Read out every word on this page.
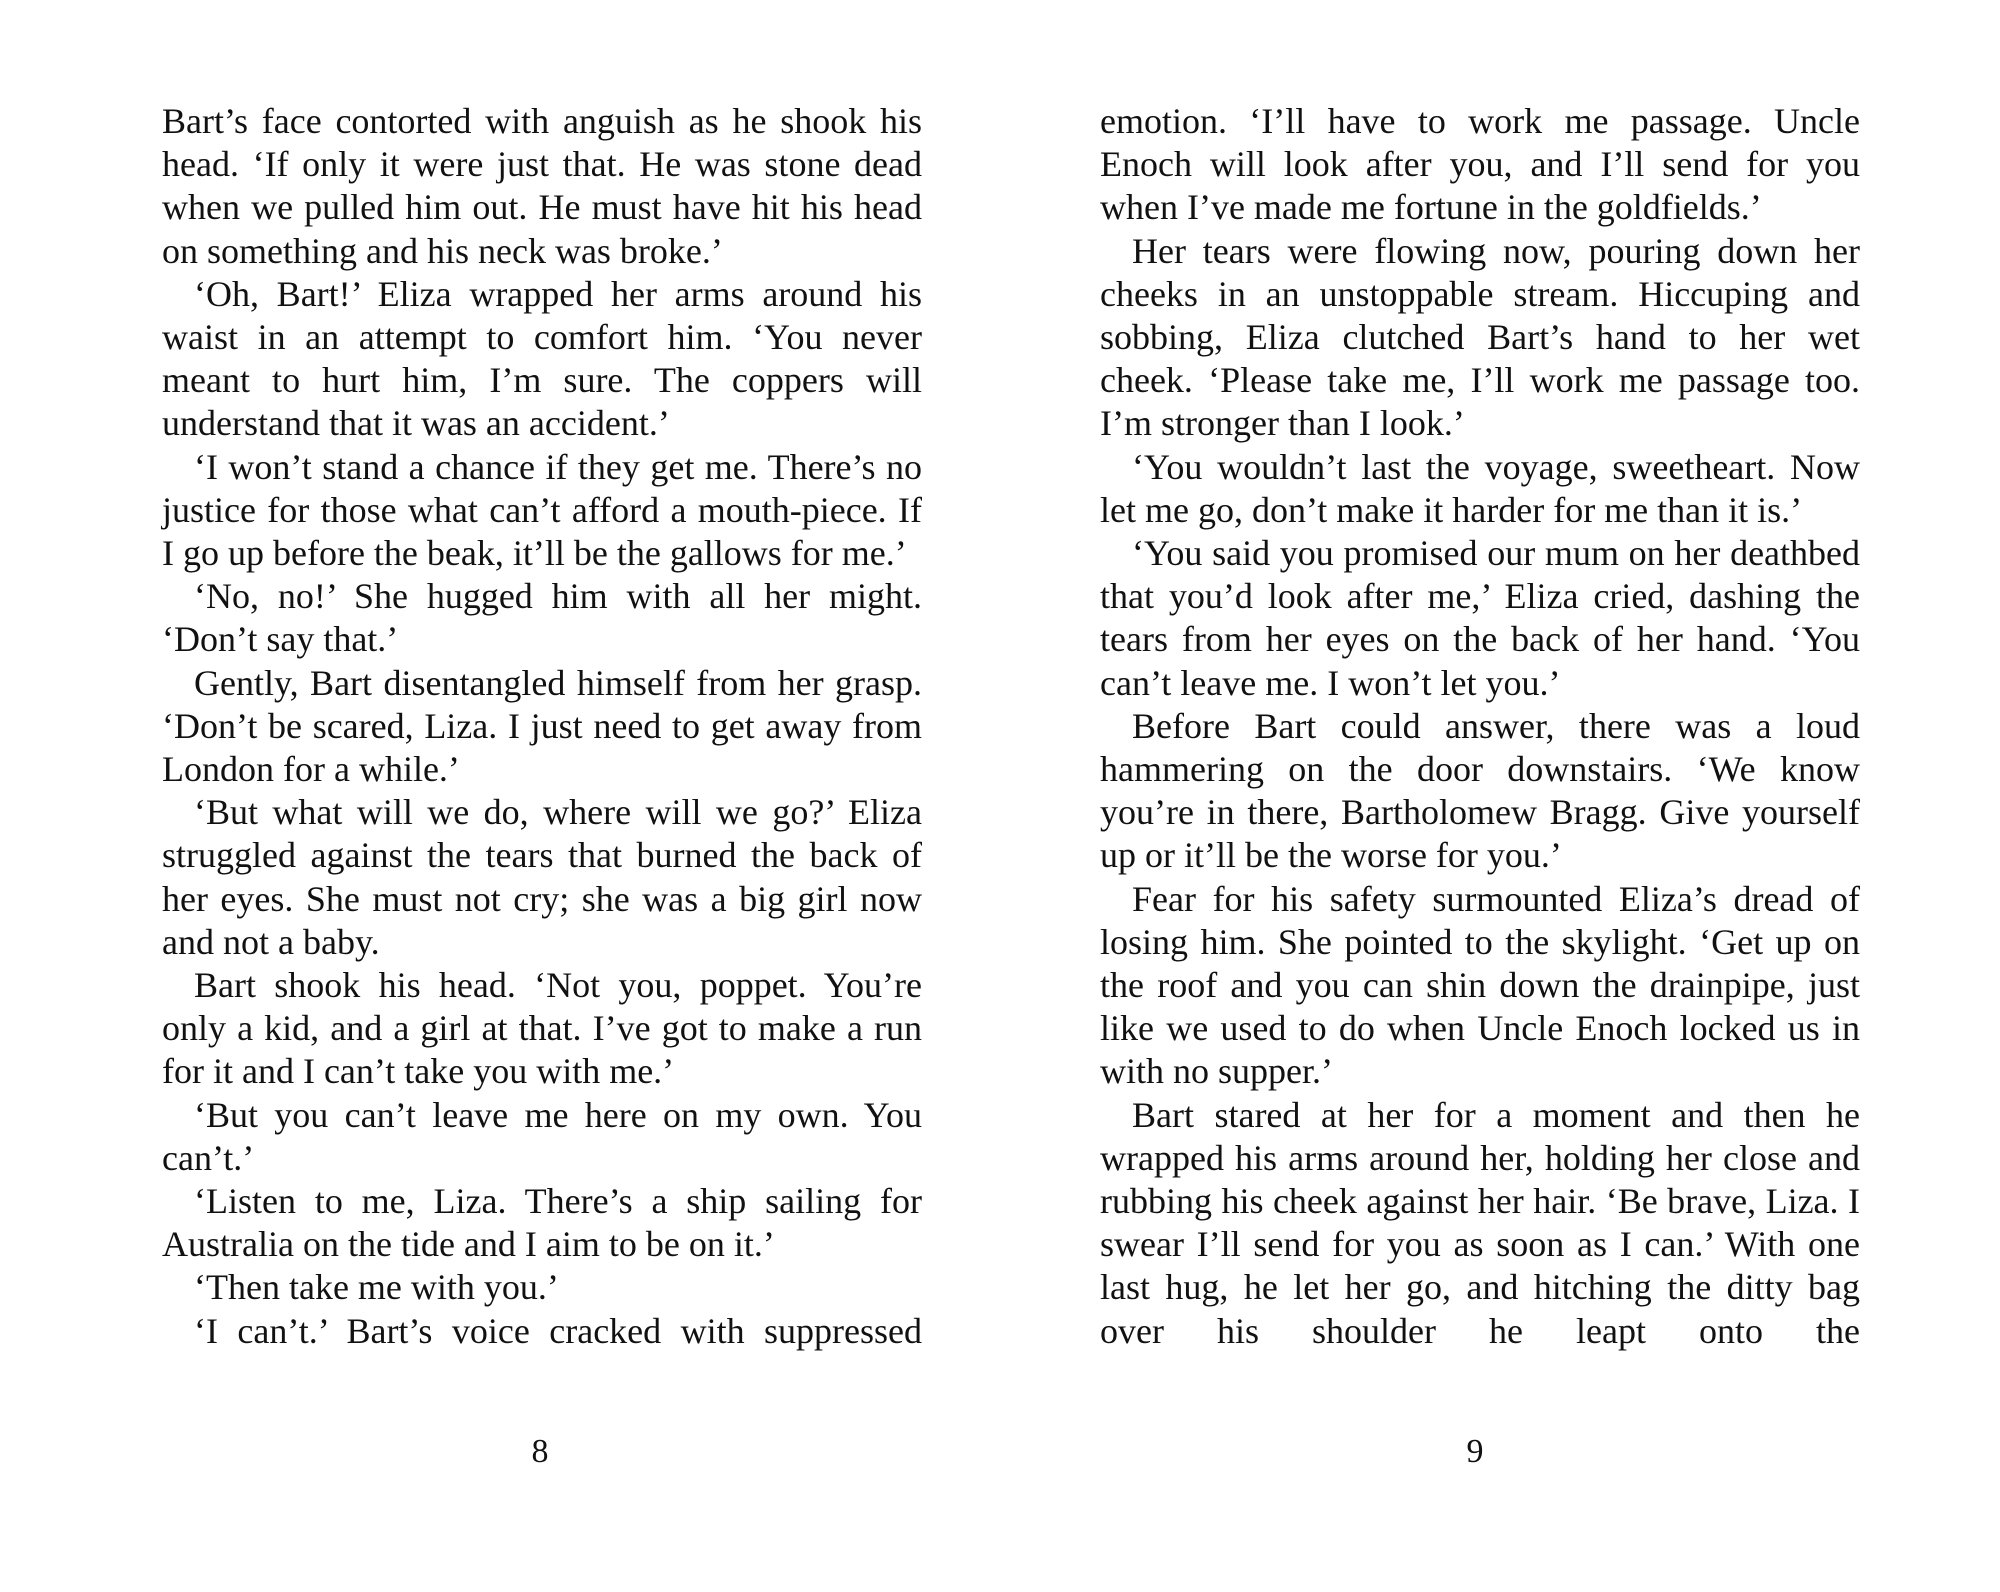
Bart’s face contorted with anguish as he shook his head. ‘If only it were just that. He was stone dead when we pulled him out. He must have hit his head on something and his neck was broke.’

‘Oh, Bart!’ Eliza wrapped her arms around his waist in an attempt to comfort him. ‘You never meant to hurt him, I’m sure. The coppers will understand that it was an accident.’

‘I won’t stand a chance if they get me. There’s no justice for those what can’t afford a mouth-piece. If I go up before the beak, it’ll be the gallows for me.’

‘No, no!’ She hugged him with all her might. ‘Don’t say that.’

Gently, Bart disentangled himself from her grasp. ‘Don’t be scared, Liza. I just need to get away from London for a while.’

‘But what will we do, where will we go?’ Eliza struggled against the tears that burned the back of her eyes. She must not cry; she was a big girl now and not a baby.

Bart shook his head. ‘Not you, poppet. You’re only a kid, and a girl at that. I’ve got to make a run for it and I can’t take you with me.’

‘But you can’t leave me here on my own. You can’t.’

‘Listen to me, Liza. There’s a ship sailing for Australia on the tide and I aim to be on it.’

‘Then take me with you.’

‘I can’t.’ Bart’s voice cracked with suppressed

emotion. ‘I’ll have to work me passage. Uncle Enoch will look after you, and I’ll send for you when I’ve made me fortune in the goldfields.’

Her tears were flowing now, pouring down her cheeks in an unstoppable stream. Hiccuping and sobbing, Eliza clutched Bart’s hand to her wet cheek. ‘Please take me, I’ll work me passage too. I’m stronger than I look.’

‘You wouldn’t last the voyage, sweetheart. Now let me go, don’t make it harder for me than it is.’

‘You said you promised our mum on her deathbed that you’d look after me,’ Eliza cried, dashing the tears from her eyes on the back of her hand. ‘You can’t leave me. I won’t let you.’

Before Bart could answer, there was a loud hammering on the door downstairs. ‘We know you’re in there, Bartholomew Bragg. Give yourself up or it’ll be the worse for you.’

Fear for his safety surmounted Eliza’s dread of losing him. She pointed to the skylight. ‘Get up on the roof and you can shin down the drainpipe, just like we used to do when Uncle Enoch locked us in with no supper.’

Bart stared at her for a moment and then he wrapped his arms around her, holding her close and rubbing his cheek against her hair. ‘Be brave, Liza. I swear I’ll send for you as soon as I can.’ With one last hug, he let her go, and hitching the ditty bag over his shoulder he leapt onto the

8	9
